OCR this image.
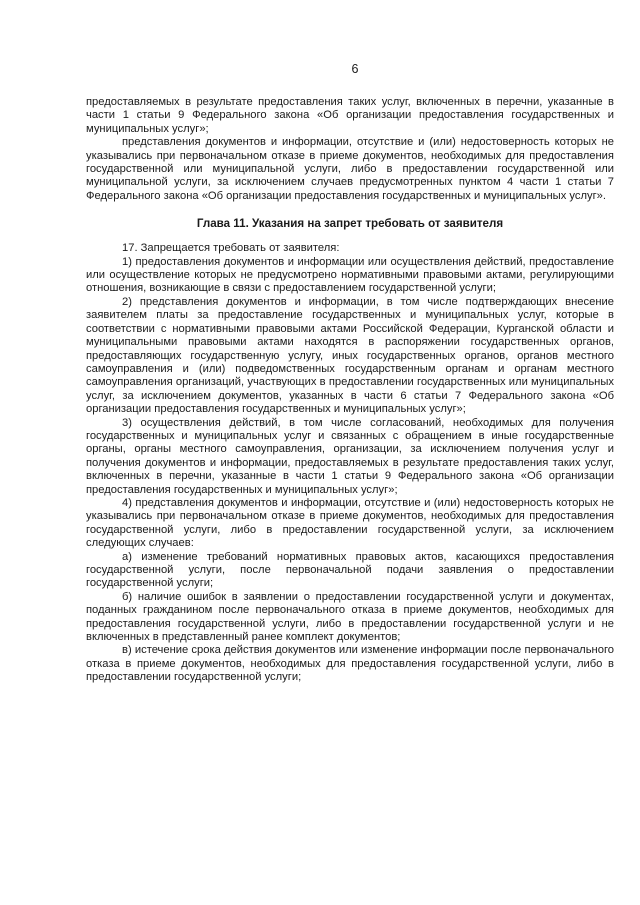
6

предоставляемых в результате предоставления таких услуг, включенных в перечни, указанные в части 1 статьи 9 Федерального закона «Об организации предоставления государственных и муниципальных услуг»;

представления документов и информации, отсутствие и (или) недостоверность которых не указывались при первоначальном отказе в приеме документов, необходимых для предоставления государственной или муниципальной услуги, либо в предоставлении государственной или муниципальной услуги, за исключением случаев предусмотренных пунктом 4 части 1 статьи 7 Федерального закона «Об организации предоставления государственных и муниципальных услуг».

Глава 11. Указания на запрет требовать от заявителя

17. Запрещается требовать от заявителя:

1) предоставления документов и информации или осуществления действий, предоставление или осуществление которых не предусмотрено нормативными правовыми актами, регулирующими отношения, возникающие в связи с предоставлением государственной услуги;

2) представления документов и информации, в том числе подтверждающих внесение заявителем платы за предоставление государственных и муниципальных услуг, которые в соответствии с нормативными правовыми актами Российской Федерации, Курганской области и муниципальными правовыми актами находятся в распоряжении государственных органов, предоставляющих государственную услугу, иных государственных органов, органов местного самоуправления и (или) подведомственных государственным органам и органам местного самоуправления организаций, участвующих в предоставлении государственных или муниципальных услуг, за исключением документов, указанных в части 6 статьи 7 Федерального закона «Об организации предоставления государственных и муниципальных услуг»;

3) осуществления действий, в том числе согласований, необходимых для получения государственных и муниципальных услуг и связанных с обращением в иные государственные органы, органы местного самоуправления, организации, за исключением получения услуг и получения документов и информации, предоставляемых в результате предоставления таких услуг, включенных в перечни, указанные в части 1 статьи 9 Федерального закона «Об организации предоставления государственных и муниципальных услуг»;

4) представления документов и информации, отсутствие и (или) недостоверность которых не указывались при первоначальном отказе в приеме документов, необходимых для предоставления государственной услуги, либо в предоставлении государственной услуги, за исключением следующих случаев:

а) изменение требований нормативных правовых актов, касающихся предоставления государственной услуги, после первоначальной подачи заявления о предоставлении государственной услуги;

б) наличие ошибок в заявлении о предоставлении государственной услуги и документах, поданных гражданином после первоначального отказа в приеме документов, необходимых для предоставления государственной услуги, либо в предоставлении государственной услуги и не включенных в представленный ранее комплект документов;

в) истечение срока действия документов или изменение информации после первоначального отказа в приеме документов, необходимых для предоставления государственной услуги, либо в предоставлении государственной услуги;
